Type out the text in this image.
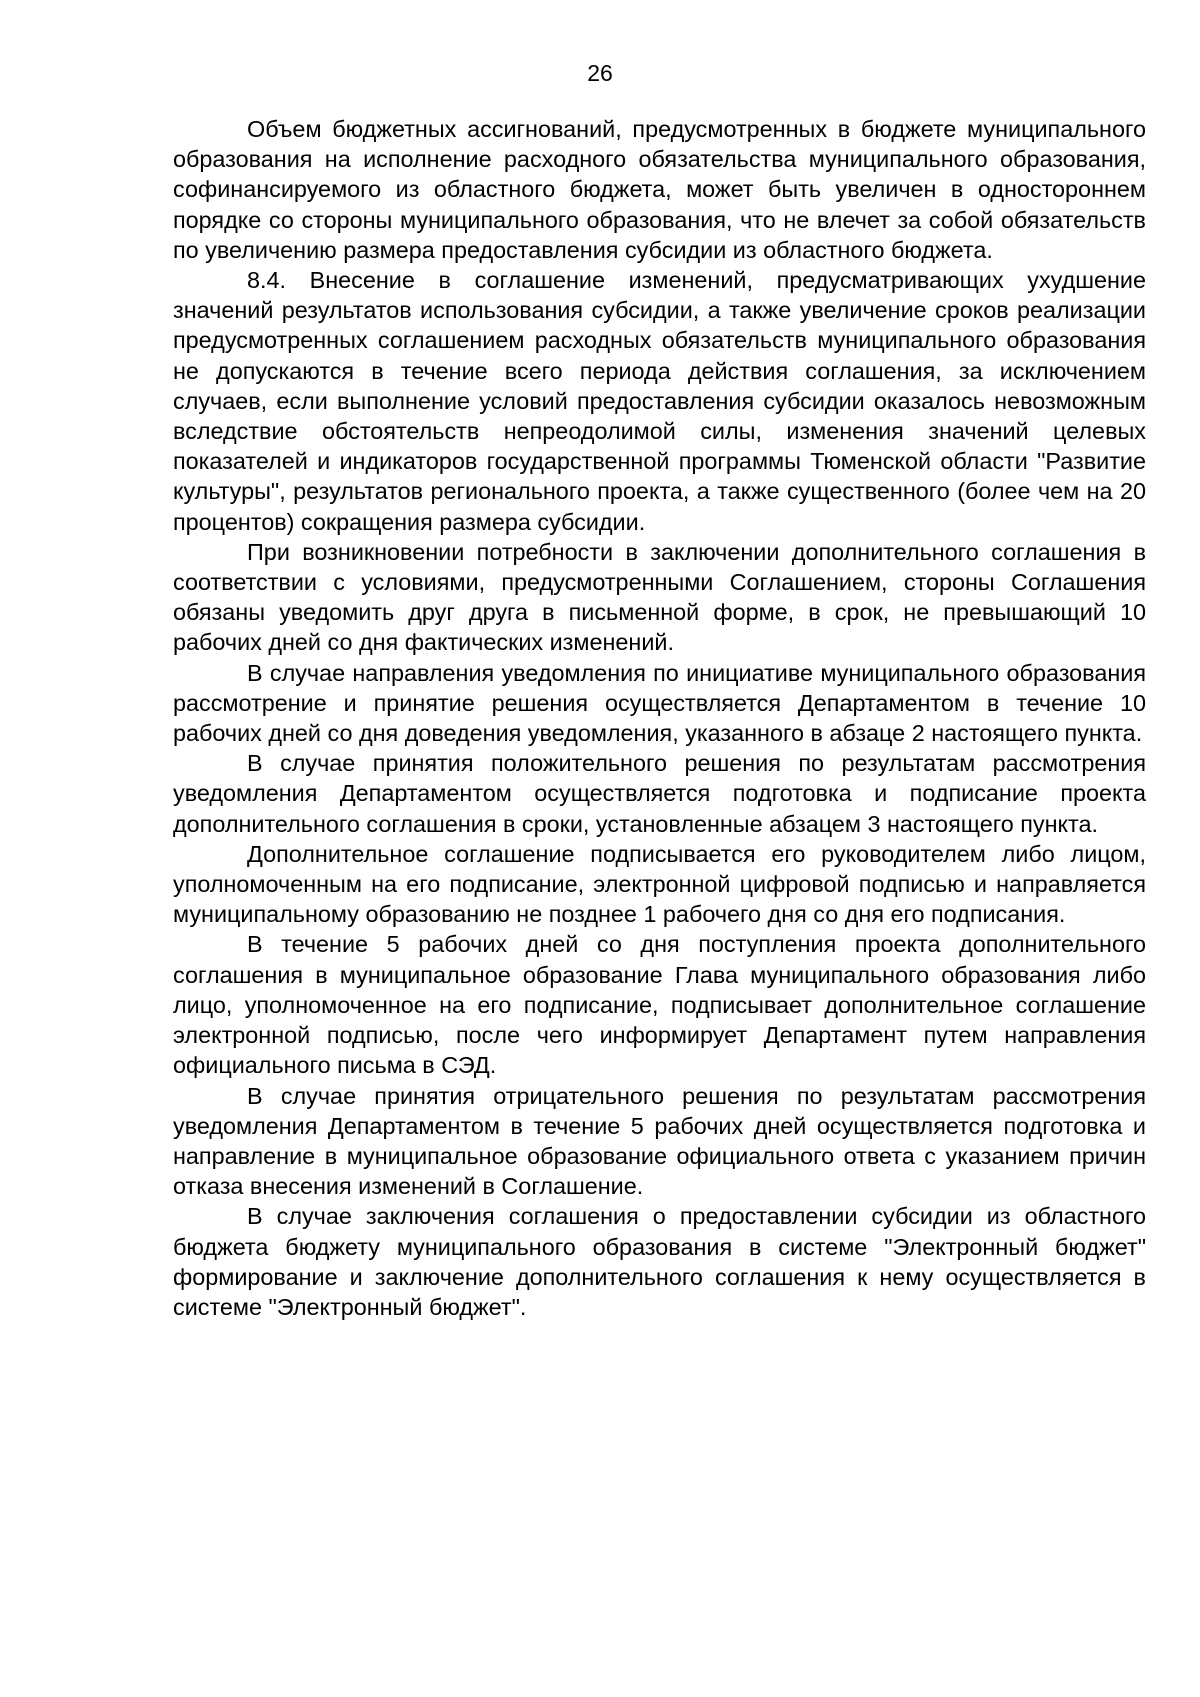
26

Объем бюджетных ассигнований, предусмотренных в бюджете муниципального образования на исполнение расходного обязательства муниципального образования, софинансируемого из областного бюджета, может быть увеличен в одностороннем порядке со стороны муниципального образования, что не влечет за собой обязательств по увеличению размера предоставления субсидии из областного бюджета.

8.4. Внесение в соглашение изменений, предусматривающих ухудшение значений результатов использования субсидии, а также увеличение сроков реализации предусмотренных соглашением расходных обязательств муниципального образования не допускаются в течение всего периода действия соглашения, за исключением случаев, если выполнение условий предоставления субсидии оказалось невозможным вследствие обстоятельств непреодолимой силы, изменения значений целевых показателей и индикаторов государственной программы Тюменской области "Развитие культуры", результатов регионального проекта, а также существенного (более чем на 20 процентов) сокращения размера субсидии.

При возникновении потребности в заключении дополнительного соглашения в соответствии с условиями, предусмотренными Соглашением, стороны Соглашения обязаны уведомить друг друга в письменной форме, в срок, не превышающий 10 рабочих дней со дня фактических изменений.

В случае направления уведомления по инициативе муниципального образования рассмотрение и принятие решения осуществляется Департаментом в течение 10 рабочих дней со дня доведения уведомления, указанного в абзаце 2 настоящего пункта.

В случае принятия положительного решения по результатам рассмотрения уведомления Департаментом осуществляется подготовка и подписание проекта дополнительного соглашения в сроки, установленные абзацем 3 настоящего пункта.

Дополнительное соглашение подписывается его руководителем либо лицом, уполномоченным на его подписание, электронной цифровой подписью и направляется муниципальному образованию не позднее 1 рабочего дня со дня его подписания.

В течение 5 рабочих дней со дня поступления проекта дополнительного соглашения в муниципальное образование Глава муниципального образования либо лицо, уполномоченное на его подписание, подписывает дополнительное соглашение электронной подписью, после чего информирует Департамент путем направления официального письма в СЭД.

В случае принятия отрицательного решения по результатам рассмотрения уведомления Департаментом в течение 5 рабочих дней осуществляется подготовка и направление в муниципальное образование официального ответа с указанием причин отказа внесения изменений в Соглашение.

В случае заключения соглашения о предоставлении субсидии из областного бюджета бюджету муниципального образования в системе "Электронный бюджет" формирование и заключение дополнительного соглашения к нему осуществляется в системе "Электронный бюджет".
